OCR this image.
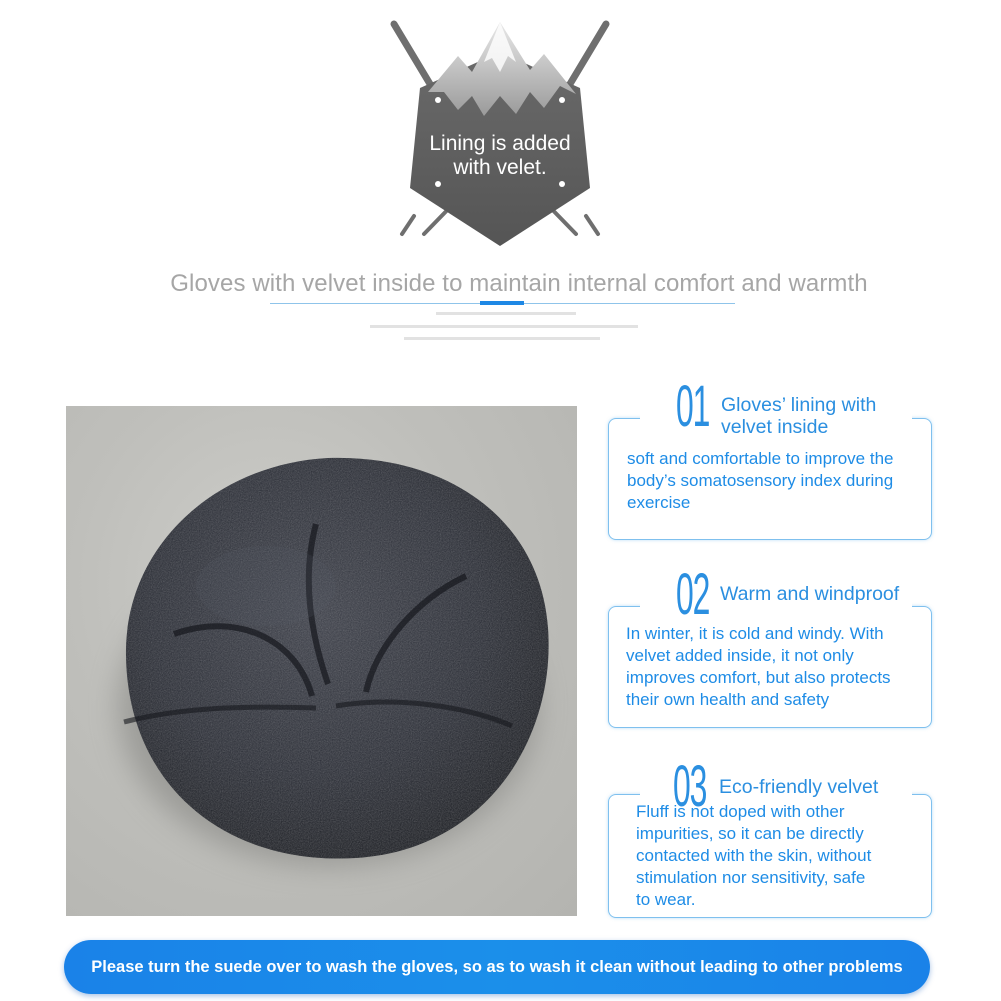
Lining is added
with velet.
Gloves with velvet inside to maintain internal comfort and warmth
01 Gloves’ lining with
velvet inside
soft and comfortable to improve the
body’s somatosensory index during
exercise
02 Warm and windproof
In winter, it is cold and windy. With
velvet added inside, it not only
improves comfort, but also protects
their own health and safety
03 Eco-friendly velvet
Fluff is not doped with other
impurities, so it can be directly
contacted with the skin, without
stimulation nor sensitivity, safe
to wear.
Please turn the suede over to wash the gloves, so as to wash it clean without leading to other problems
